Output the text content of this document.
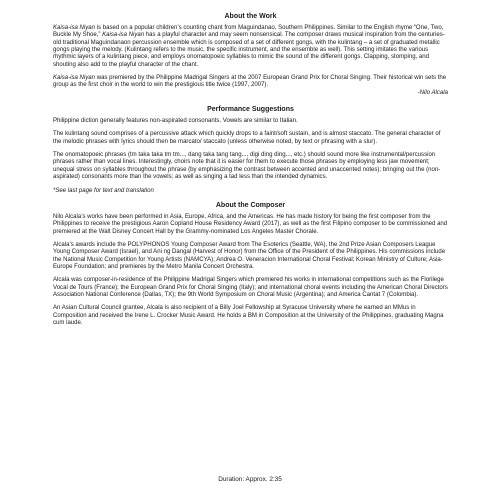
About the Work

Kaisa-isa Niyan is based on a popular children’s counting chant from Maguindanao, Southern Philippines. Similar to the English rhyme “One, Two, Buckle My Shoe,” Kaisa-isa Niyan has a playful character and may seem nonsensical. The composer draws musical inspiration from the centuries-old traditional Maguindanaon percussion ensemble which is composed of a set of different gongs, with the kulintang – a set of graduated metallic gongs playing the melody. (Kulintang refers to the music, the specific instrument, and the ensemble as well). This setting imitates the various rhythmic layers of a kulintang piece, and employs onomatopoeic syllables to mimic the sound of the different gongs. Clapping, stomping, and shouting also add to the playful character of the chant.

Kaisa-isa Niyan was premiered by the Philippine Madrigal Singers at the 2007 European Grand Prix for Choral Singing. Their historical win sets the group as the first choir in the world to win the prestigious title twice (1997, 2007).

-Nilo Alcala

Performance Suggestions

Philippine diction generally features non-aspirated consonants. Vowels are similar to Italian.

The kulintang sound comprises of a percussive attack which quickly drops to a faint/soft sustain, and is almost staccato. The general character of the melodic phrases with lyrics should then be marcato/ staccato (unless otherwise noted, by text or phrasing with a slur).

The onomatopoeic phrases (tm taka taka tm tm..., dang taka tang tang..., digi ding ding..., etc.) should sound more like instrumental/percussion phrases rather than vocal lines. Interestingly, choirs note that it is easier for them to execute those phrases by employing less jaw movement; unequal stress on syllables throughout the phrase (by emphasizing the contrast between accented and unaccented notes); bringing out the (non-aspirated) consonants more than the vowels; as well as singing a tad less than the intended dynamics.

*See last page for text and translation

About the Composer

Nilo Alcala’s works have been performed in Asia, Europe, Africa, and the Americas. He has made history for being the first composer from the Philippines to receive the prestigious Aaron Copland House Residency Award (2017), as well as the first Filipino composer to be commissioned and premiered at the Walt Disney Concert Hall by the Grammy-nominated Los Angeles Master Chorale.

Alcala’s awards include the POLYPHONOS Young Composer Award from The Esoterics (Seattle, WA), the 2nd Prize Asian Composers League Young Composer Award (Israel), and Ani ng Dangal (Harvest of Honor) from the Office of the President of the Philippines. His commissions include the National Music Competition for Young Artists (NAMCYA); Andrea O. Veneracion International Choral Festival; Korean Ministry of Culture; Asia-Europe Foundation; and premieres by the Metro Manila Concert Orchestra.

Alcala was composer-in-residence of the Philippine Madrigal Singers which premiered his works in international competitions such as the Florilege Vocal de Tours (France); the European Grand Prix for Choral Singing (Italy); and international choral events including the American Choral Directors Association National Conference (Dallas, TX); the 9th World Symposium on Choral Music (Argentina); and America Cantat 7 (Colombia).

An Asian Cultural Council grantee, Alcala is also recipient of a Billy Joel Fellowship at Syracuse University where he earned an MMus in Composition and received the Irene L. Crocker Music Award. He holds a BM in Composition at the University of the Philippines, graduating Magna cum laude.

Duration: Approx. 2:35
